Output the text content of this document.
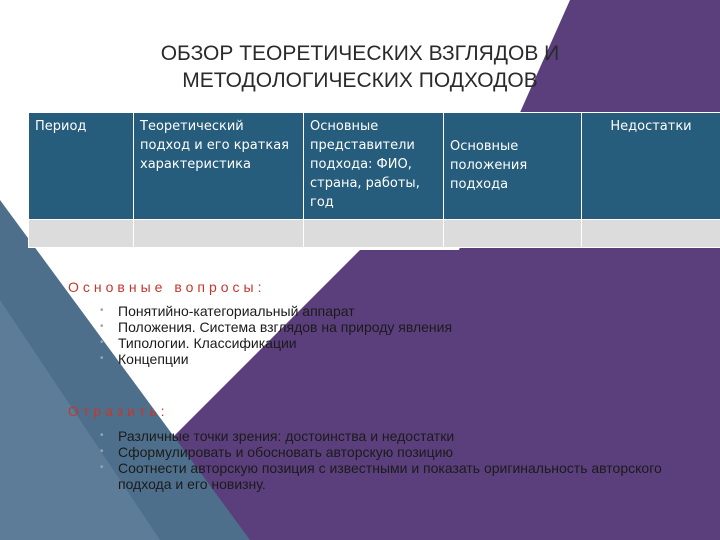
ОБЗОР ТЕОРЕТИЧЕСКИХ ВЗГЛЯДОВ И
МЕТОДОЛОГИЧЕСКИХ ПОДХОДОВ
Период	Теоретический подход и его краткая характеристика	Основные представители подхода: ФИО, страна, работы, год	Основные положения подхода	Недостатки

Основные вопросы:
• Понятийно-категориальный аппарат
• Положения. Система взглядов на природу явления
• Типологии. Классификации
• Концепции
Отразить:
• Различные точки зрения: достоинства и недостатки
• Сформулировать и обосновать авторскую позицию
• Соотнести авторскую позиция с известными и показать оригинальность авторского подхода и его новизну.
